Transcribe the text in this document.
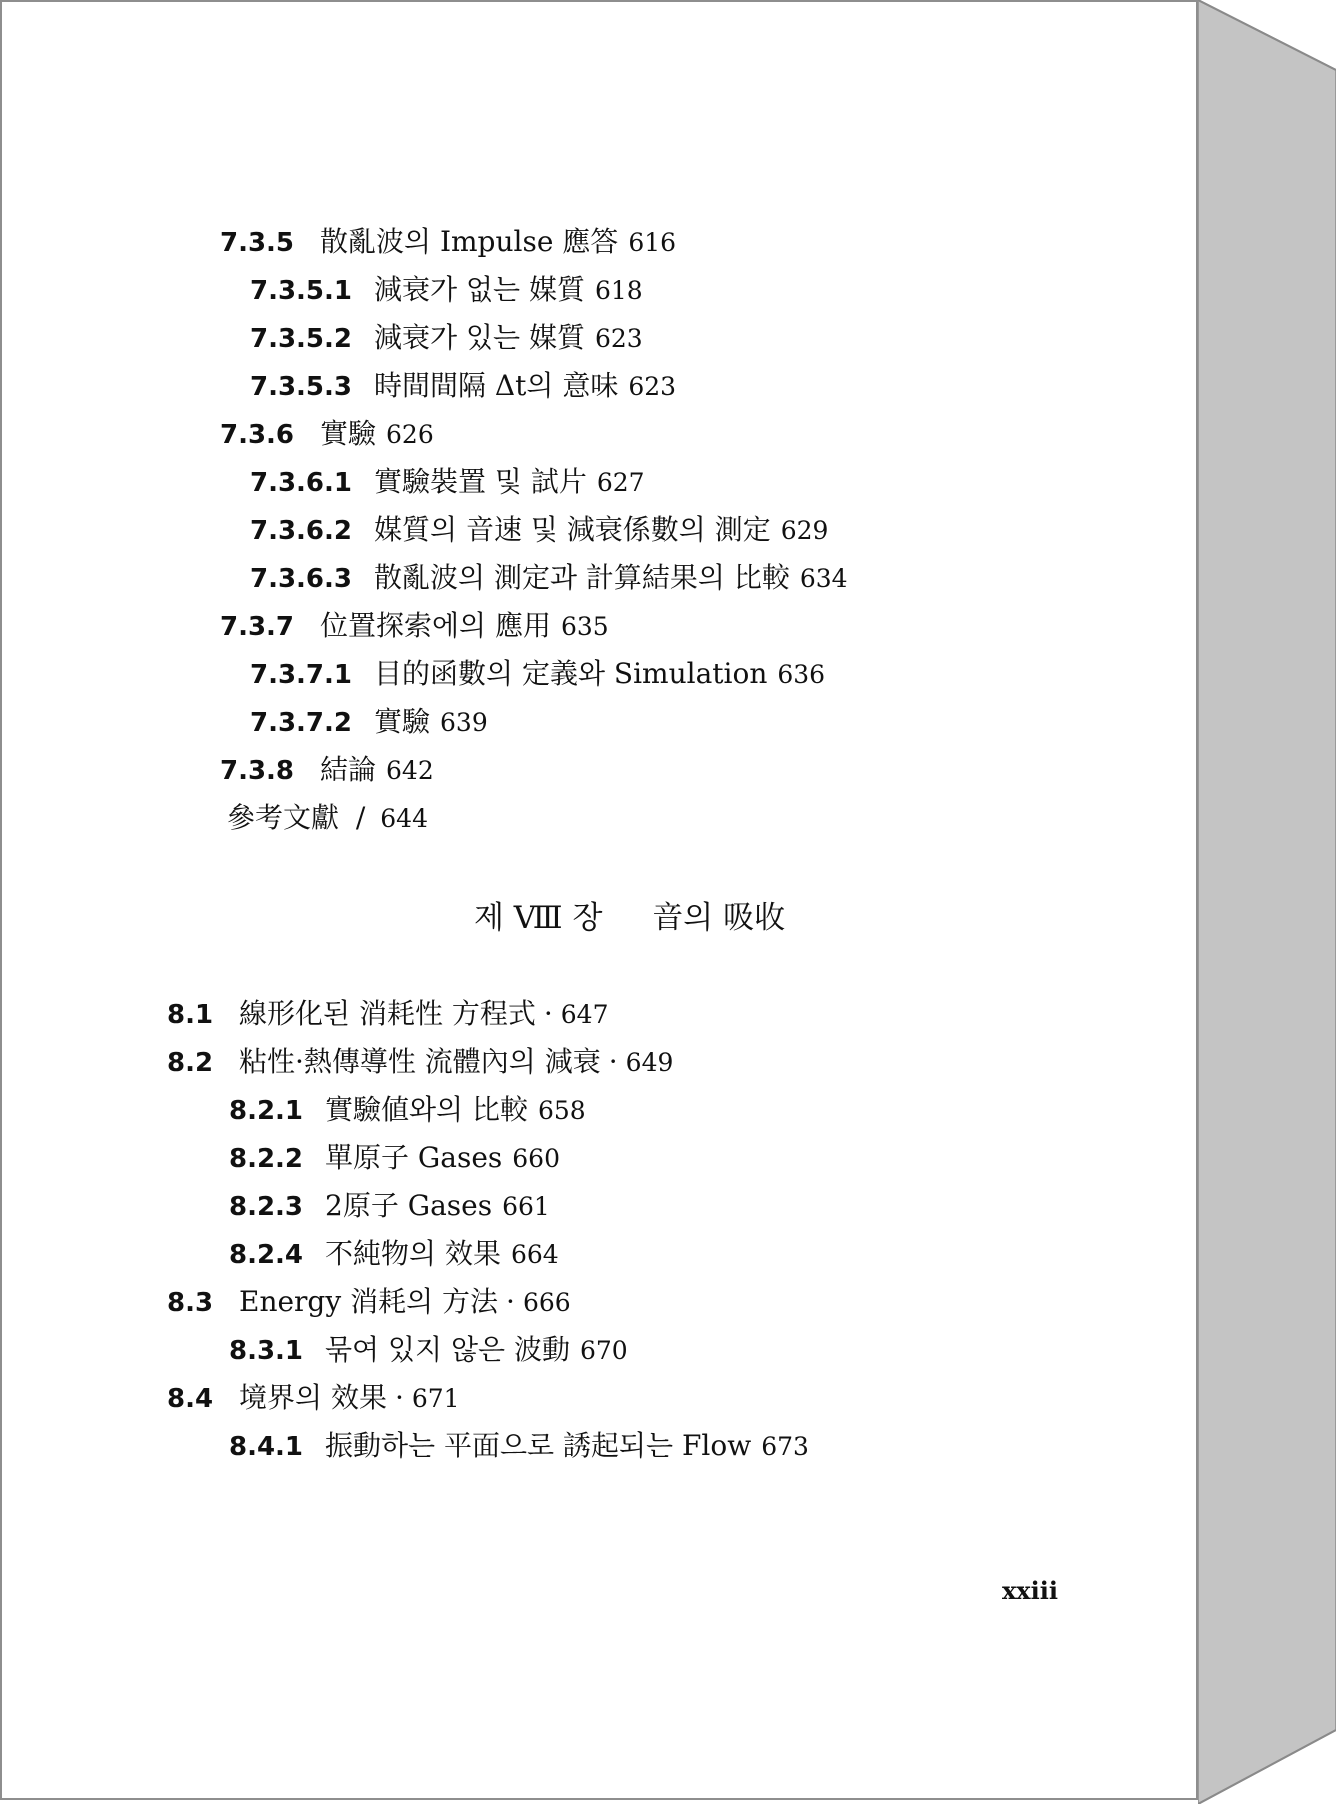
7.3.5 散亂波의 Impulse 應答 616
7.3.5.1 減衰가 없는 媒質 618
7.3.5.2 減衰가 있는 媒質 623
7.3.5.3 時間間隔 Δt의 意味 623
7.3.6 實驗 626
7.3.6.1 實驗裝置 및 試片 627
7.3.6.2 媒質의 音速 및 減衰係數의 測定 629
7.3.6.3 散亂波의 測定과 計算結果의 比較 634
7.3.7 位置探索에의 應用 635
7.3.7.1 目的函數의 定義와 Simulation 636
7.3.7.2 實驗 639
7.3.8 結論 642
參考文獻 / 644
제 Ⅷ 장 音의 吸收
8.1 線形化된 消耗性 方程式 · 647
8.2 粘性·熱傳導性 流體內의 減衰 · 649
8.2.1 實驗値와의 比較 658
8.2.2 單原子 Gases 660
8.2.3 2原子 Gases 661
8.2.4 不純物의 效果 664
8.3 Energy 消耗의 方法 · 666
8.3.1 묶여 있지 않은 波動 670
8.4 境界의 效果 · 671
8.4.1 振動하는 平面으로 誘起되는 Flow 673
xxiii
